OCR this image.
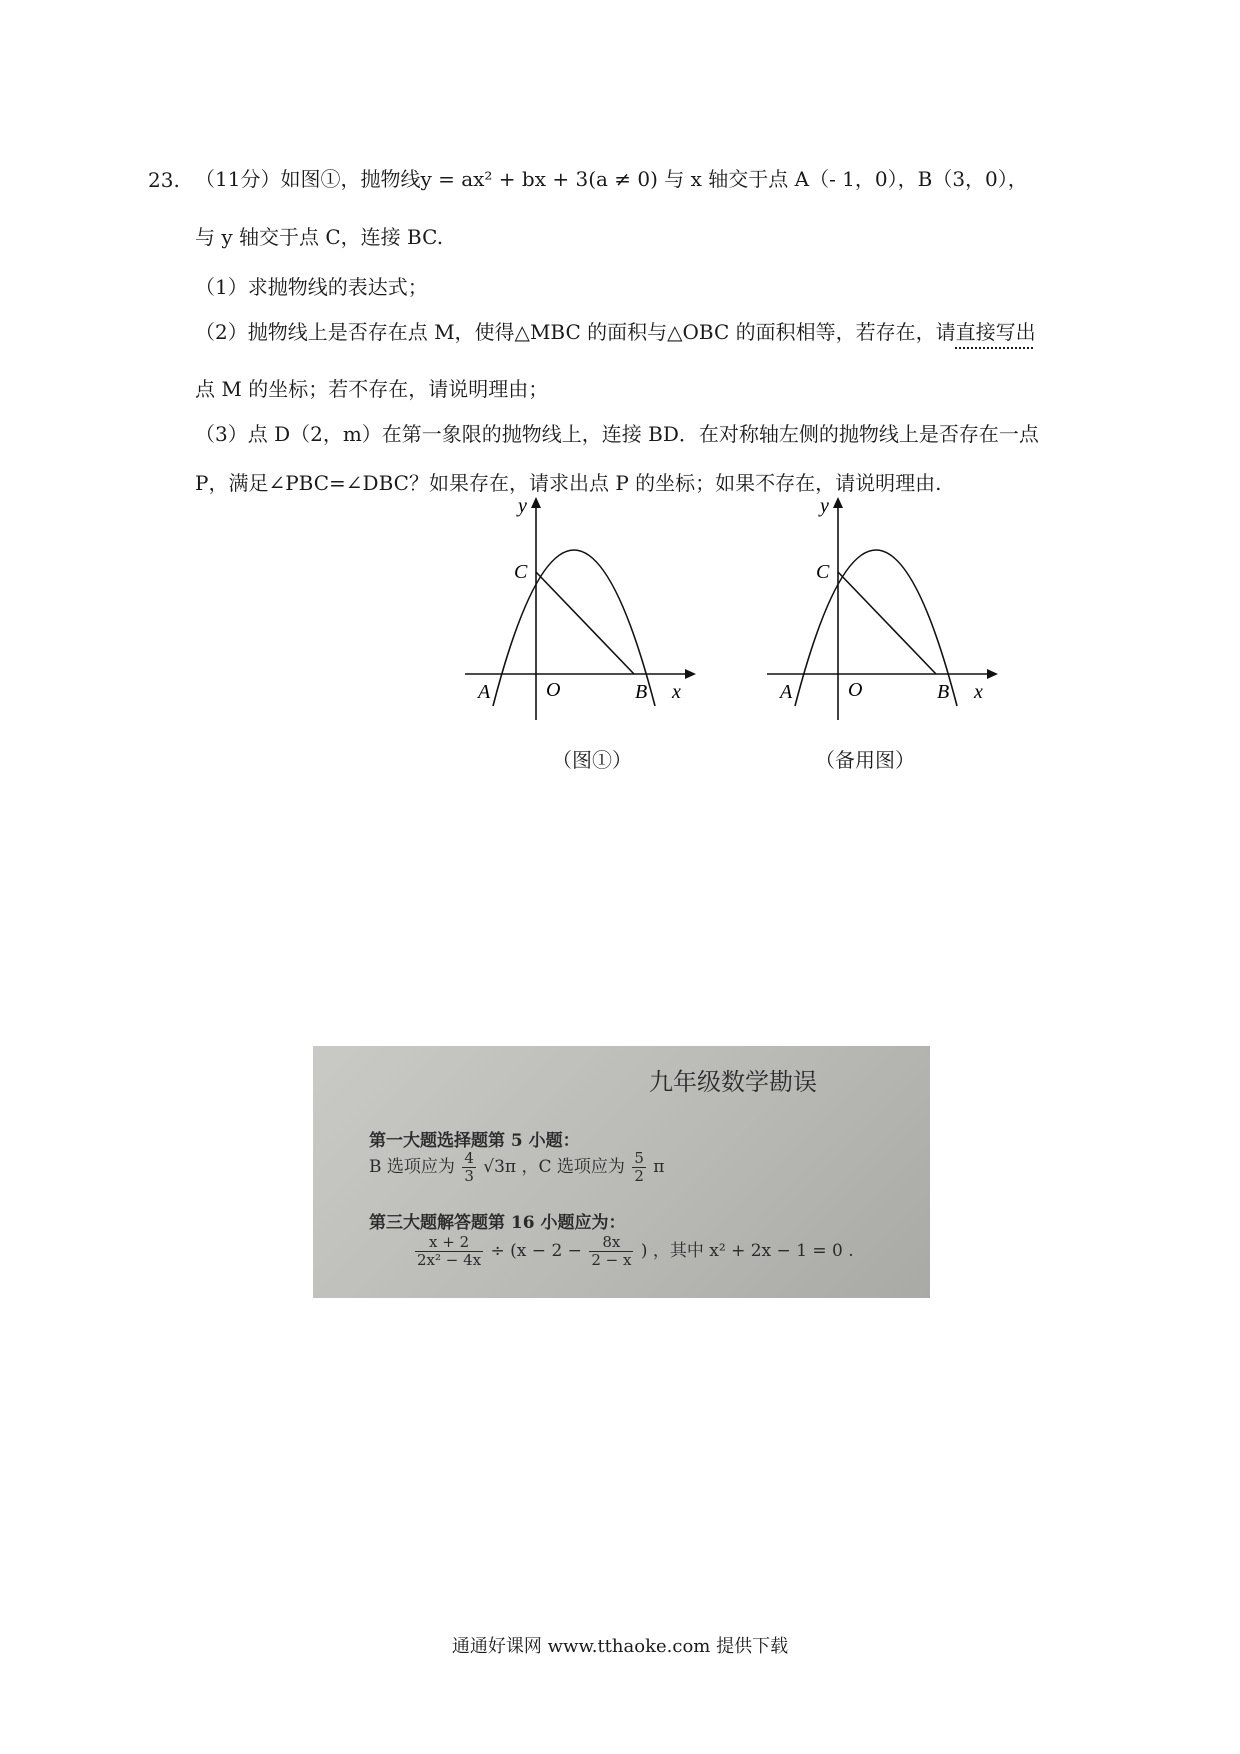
23. （11分）如图①，抛物线y = ax² + bx + 3(a ≠ 0) 与 x 轴交于点 A（- 1，0），B（3，0），
与 y 轴交于点 C，连接 BC.
（1）求抛物线的表达式；
（2）抛物线上是否存在点 M，使得△MBC 的面积与△OBC 的面积相等，若存在，请直接写出
点 M 的坐标；若不存在，请说明理由；
（3）点 D（2，m）在第一象限的抛物线上，连接 BD．在对称轴左侧的抛物线上是否存在一点
P，满足∠PBC=∠DBC？如果存在，请求出点 P 的坐标；如果不存在，请说明理由.
y
C
A	O	B x
（图①）
y
C
A	O	B x
（备用图）
九年级数学勘误
第一大题选择题第 5 小题：
B 选项应为 $\frac{4}{3} √3\pi$ ，C 选项应为 $\frac{5}{2}$ π
第三大题解答题第 16 小题应为：
$\frac{x + 2}{\text{2x² − 4x}} \div (x - 2 - \frac{8x}{2 - x}$ ) ，其中 x² + 2x − 1 = 0 .
通通好课网 www.tthaoke.com 提供下载
